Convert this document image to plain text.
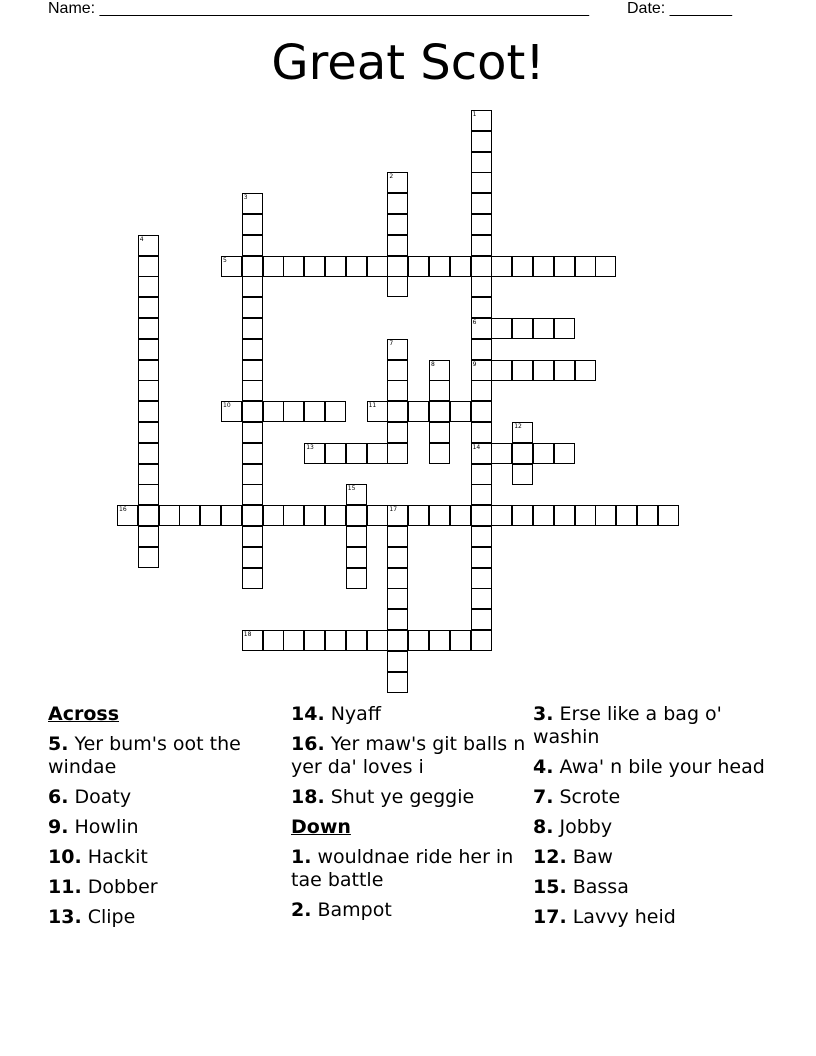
Name: _______________________________________________________ Date: _______
Great Scot!
1
2
3
4
5
6
7
8	9
10	11
12
13	14
15
16	17
18
Across
5. Yer bum's oot the windae
6. Doaty
9. Howlin
10. Hackit
11. Dobber
13. Clipe
14. Nyaff
16. Yer maw's git balls n yer da' loves i
18. Shut ye geggie
Down
1. wouldnae ride her in tae battle
2. Bampot
3. Erse like a bag o' washin
4. Awa' n bile your head
7. Scrote
8. Jobby
12. Baw
15. Bassa
17. Lavvy heid
